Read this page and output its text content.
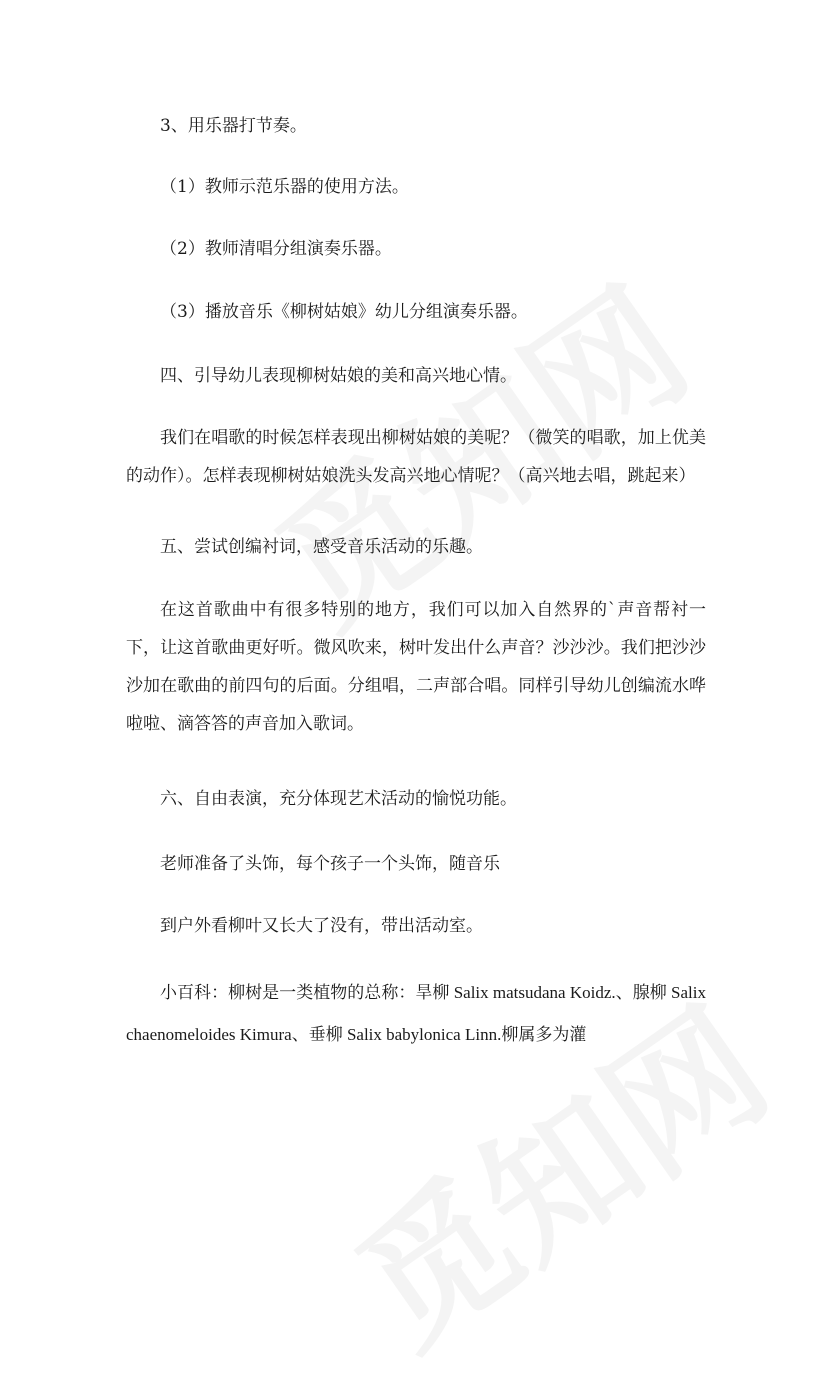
3、用乐器打节奏。

（1）教师示范乐器的使用方法。

（2）教师清唱分组演奏乐器。

（3）播放音乐《柳树姑娘》幼儿分组演奏乐器。

四、引导幼儿表现柳树姑娘的美和高兴地心情。

我们在唱歌的时候怎样表现出柳树姑娘的美呢？（微笑的唱歌，加上优美的动作）。怎样表现柳树姑娘洗头发高兴地心情呢？（高兴地去唱，跳起来）

五、尝试创编衬词，感受音乐活动的乐趣。

在这首歌曲中有很多特别的地方，我们可以加入自然界的`声音帮衬一下，让这首歌曲更好听。微风吹来，树叶发出什么声音？沙沙沙。我们把沙沙沙加在歌曲的前四句的后面。分组唱，二声部合唱。同样引导幼儿创编流水哗啦啦、滴答答的声音加入歌词。

六、自由表演，充分体现艺术活动的愉悦功能。

老师准备了头饰，每个孩子一个头饰，随音乐

到户外看柳叶又长大了没有，带出活动室。

小百科：柳树是一类植物的总称：旱柳 Salix matsudana Koidz.、腺柳 Salix chaenomeloides Kimura、垂柳 Salix babylonica Linn.柳属多为灌
